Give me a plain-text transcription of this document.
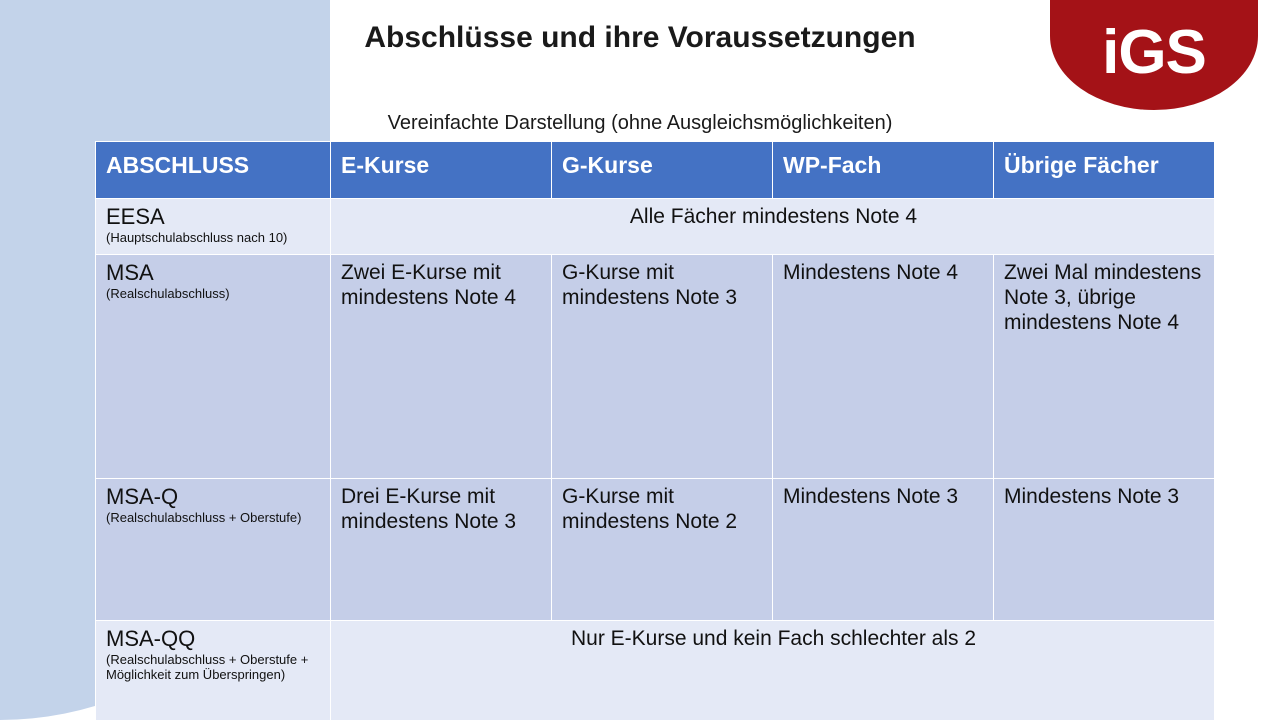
iGS
Abschlüsse und ihre Voraussetzungen
Vereinfachte Darstellung (ohne Ausgleichsmöglichkeiten)
ABSCHLUSS	E-Kurse	G-Kurse	WP-Fach	Übrige Fächer

EESA
(Hauptschulabschluss nach 10)	Alle Fächer mindestens Note 4			

MSA
(Realschulabschluss)	Zwei E-Kurse mit mindestens Note 4	G-Kurse mit mindestens Note 3	Mindestens Note 4	Zwei Mal mindestens Note 3, übrige mindestens Note 4

MSA-Q
(Realschulabschluss + Oberstufe)	Drei E-Kurse mit mindestens Note 3	G-Kurse mit mindestens Note 2	Mindestens Note 3	Mindestens Note 3

MSA-QQ
(Realschulabschluss + Oberstufe + Möglichkeit zum Überspringen)	Nur E-Kurse und kein Fach schlechter als 2			
